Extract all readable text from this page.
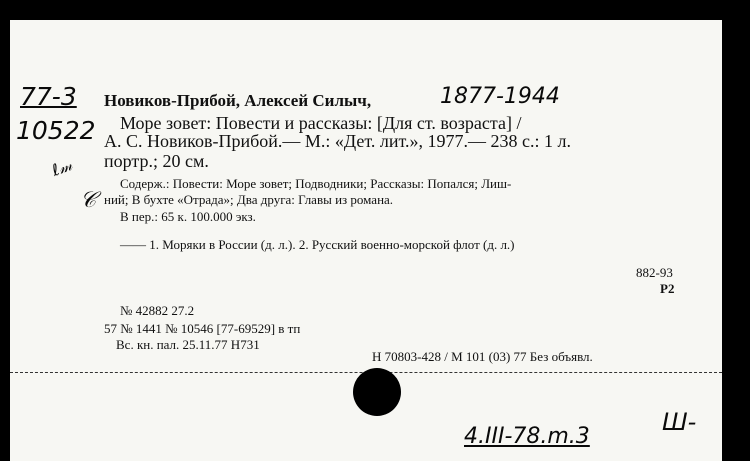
77-3
10522
ℓ𝓂
𝒞
Новиков-Прибой, Алексей Силыч,	1877-1944
Море зовет: Повести и рассказы: [Для ст. возраста] /
А. С. Новиков-Прибой.— М.: «Дет. лит.», 1977.— 238 с.: 1 л.
портр.; 20 см.
Содерж.: Повести: Море зовет; Подводники; Рассказы: Попался; Лиш-
ний; В бухте «Отрада»; Два друга: Главы из романа.
В пер.: 65 к. 100.000 экз.
—— 1. Моряки в России (д. л.). 2. Русский военно-морской флот (д. л.)
882-93
Р2
№ 42882 27.2
57 № 1441 № 10546 [77-69529] в тп
Вс. кн. пал. 25.11.77 Н731
Н 70803-428 / М 101 (03) 77 Без объявл.
4.III-78.m.3
Ш-
